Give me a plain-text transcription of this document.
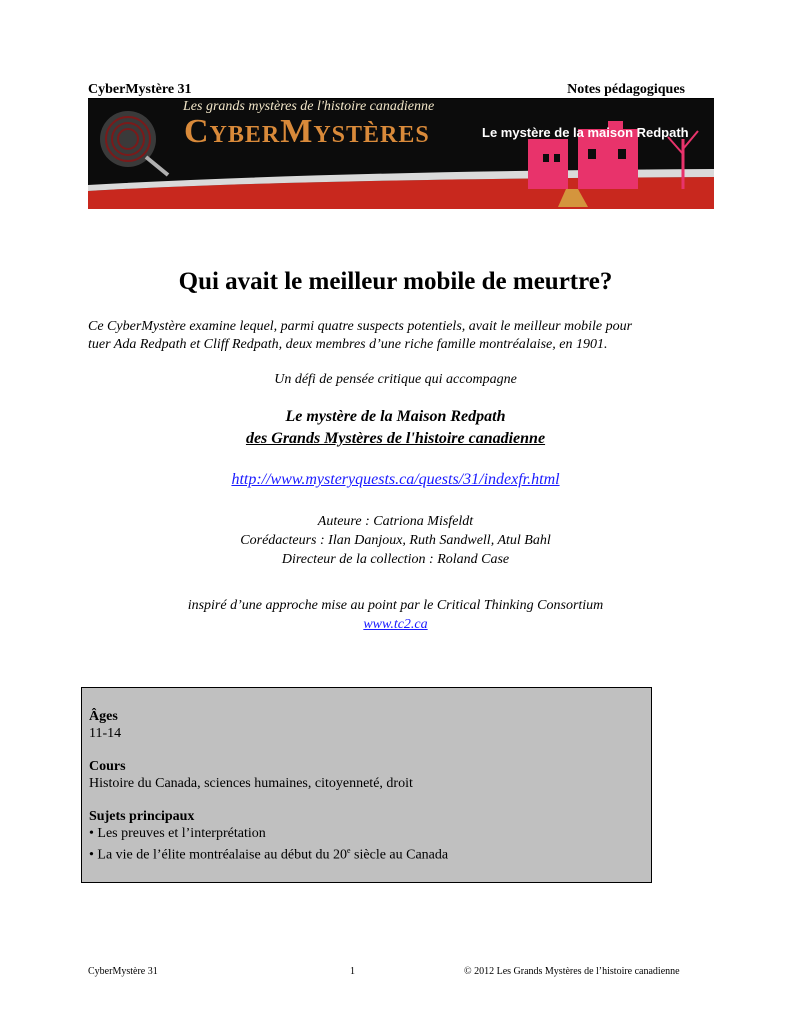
CyberMystère 31	Notes pédagogiques
Les grands mystères de l'histoire canadienne
CyberMystères	Le mystère de la maison Redpath
Qui avait le meilleur mobile de meurtre?
Ce CyberMystère examine lequel, parmi quatre suspects potentiels, avait le meilleur mobile pour
tuer Ada Redpath et Cliff Redpath, deux membres d’une riche famille montréalaise, en 1901.
Un défi de pensée critique qui accompagne
Le mystère de la Maison Redpath
des Grands Mystères de l'histoire canadienne
http://www.mysteryquests.ca/quests/31/indexfr.html
Auteure : Catriona Misfeldt
Corédacteurs : Ilan Danjoux, Ruth Sandwell, Atul Bahl
Directeur de la collection : Roland Case
inspiré d’une approche mise au point par le Critical Thinking Consortium
www.tc2.ca
Âges
11-14
Cours
Histoire du Canada, sciences humaines, citoyenneté, droit
Sujets principaux
• Les preuves et l’interprétation
• La vie de l’élite montréalaise au début du 20e siècle au Canada
CyberMystère 31	1	© 2012 Les Grands Mystères de l’histoire canadienne
